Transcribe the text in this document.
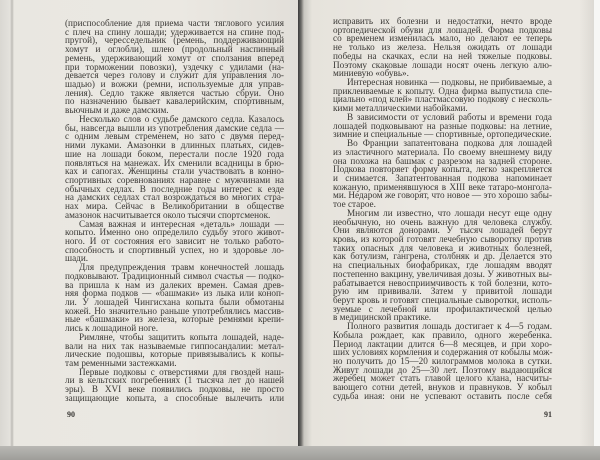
(приспособление для приема части тяглового усилия
с плеч на спину лошади; удерживается на спине под-
пругой), чересседельник (ремень, поддерживающий
хомут и оглобли), шлею (продольный наспинный
ремень, удерживающий хомут от сползания вперед
при торможении повозки), уздечку с удилами (на-
девается через голову и служит для управления ло-
шадью) и вожжи (ремни, используемые для управ-
ления). Седло также является частью сбруи. Оно
по назначению бывает кавалерийским, спортивным,
вьючным и даже дамским.
Несколько слов о судьбе дамского седла. Казалось
бы, навсегда вышли из употребления дамские седла —
с одним левым стременем, но зато с двумя перед-
ними луками. Амазонки в длинных платьях, сидев-
шие на лошади боком, перестали после 1920 года
появляться на манежах. Их сменили всадницы в брю-
ках и сапогах. Женщины стали участвовать в конно-
спортивных соревнованиях наравне с мужчинами на
обычных седлах. В последние годы интерес к езде
на дамских седлах стал возрождаться во многих стра-
нах мира. Сейчас в Великобритании в обществе
амазонок насчитывается около тысячи спортсменок.
Самая важная и интересная «деталь» лошади —
копыто. Именно оно определило судьбу этого живот-
ного. И от состояния его зависит не только работо-
способность и спортивный успех, но и здоровье ло-
шади.
Для предупреждения травм конечностей лошадь
подковывают. Традиционный символ счастья — подко-
ва пришла к нам из далеких времен. Самая древ-
няя форма подков — «башмаки» из лыка или коноп-
ли. У лошадей Чингисхана копыта были обмотаны
кожей. Но значительно раньше употреблялись массив-
ные «башмаки» из железа, которые ремнями крепи-
лись к лошадиной ноге.
Римляне, чтобы защитить копыта лошадей, наде-
вали на них так называемые гиппосандалии: метал-
лические подошвы, которые привязывались к копы-
там ременными застежками.
Первые подковы с отверстиями для гвоздей наш-
ли в кельтских погребениях (1 тысяча лет до нашей
эры). В XVI веке появились подковы, не просто
защищающие копыта, а способные вылечить или
90
исправить их болезни и недостатки, нечто вроде
ортопедической обуви для лошадей. Форма подковы
со временем изменилась мало, но делают ее теперь
не только из железа. Нельзя ожидать от лошади
победы на скачках, если на ней тяжелые подковы.
Поэтому скаковые лошади носят очень легкую алю-
миниевую «обувь».
Интересная новинка — подковы, не прибиваемые, а
приклеиваемые к копыту. Одна фирма выпустила спе-
циально «под клей» пластмассовую подкову с несколь-
кими металлическими набойками.
В зависимости от условий работы и времени года
лошадей подковывают на разные подковы: на летние,
зимние и специальные — спортивные, ортопедические.
Во Франции запатентована подкова для лошадей
из эластичного материала. По своему внешнему виду
она похожа на башмак с разрезом на задней стороне.
Подкова повторяет форму копыта, легко закрепляется
и снимается. Запатентованная подкова напоминает
кожаную, применявшуюся в XIII веке татаро-монгола-
ми. Недаром же говорят, что новое — это хорошо забы-
тое старое.
Многим ли известно, что лошади несут еще одну
необычную, но очень важную для человека службу.
Они являются донорами. У тысяч лошадей берут
кровь, из которой готовят лечебную сыворотку против
таких опасных для человека и животных болезней,
как ботулизм, гангрена, столбняк и др. Делается это
на специальных биофабриках, где лошадям вводят
постепенно вакцину, увеличивая дозы. У животных вы-
рабатывается невосприимчивость к той болезни, кото-
рую им прививали. Затем у привитой лошади
берут кровь и готовят специальные сыворотки, исполь-
зуемые с лечебной или профилактической целью
в медицинской практике.
Полного развития лошадь достигает к 4—5 годам.
Кобыла рождает, как правило, одного жеребенка.
Период лактации длится 6—8 месяцев, и при хоро-
ших условиях кормления и содержания от кобылы мож-
но получить до 15—20 килограммов молока в сутки.
Живут лошади до 25—30 лет. Поэтому выдающийся
жеребец может стать главой целого клана, насчиты-
вающего сотни детей, внуков и правнуков. У кобыл
судьба иная: они не успевают оставить после себя
91
